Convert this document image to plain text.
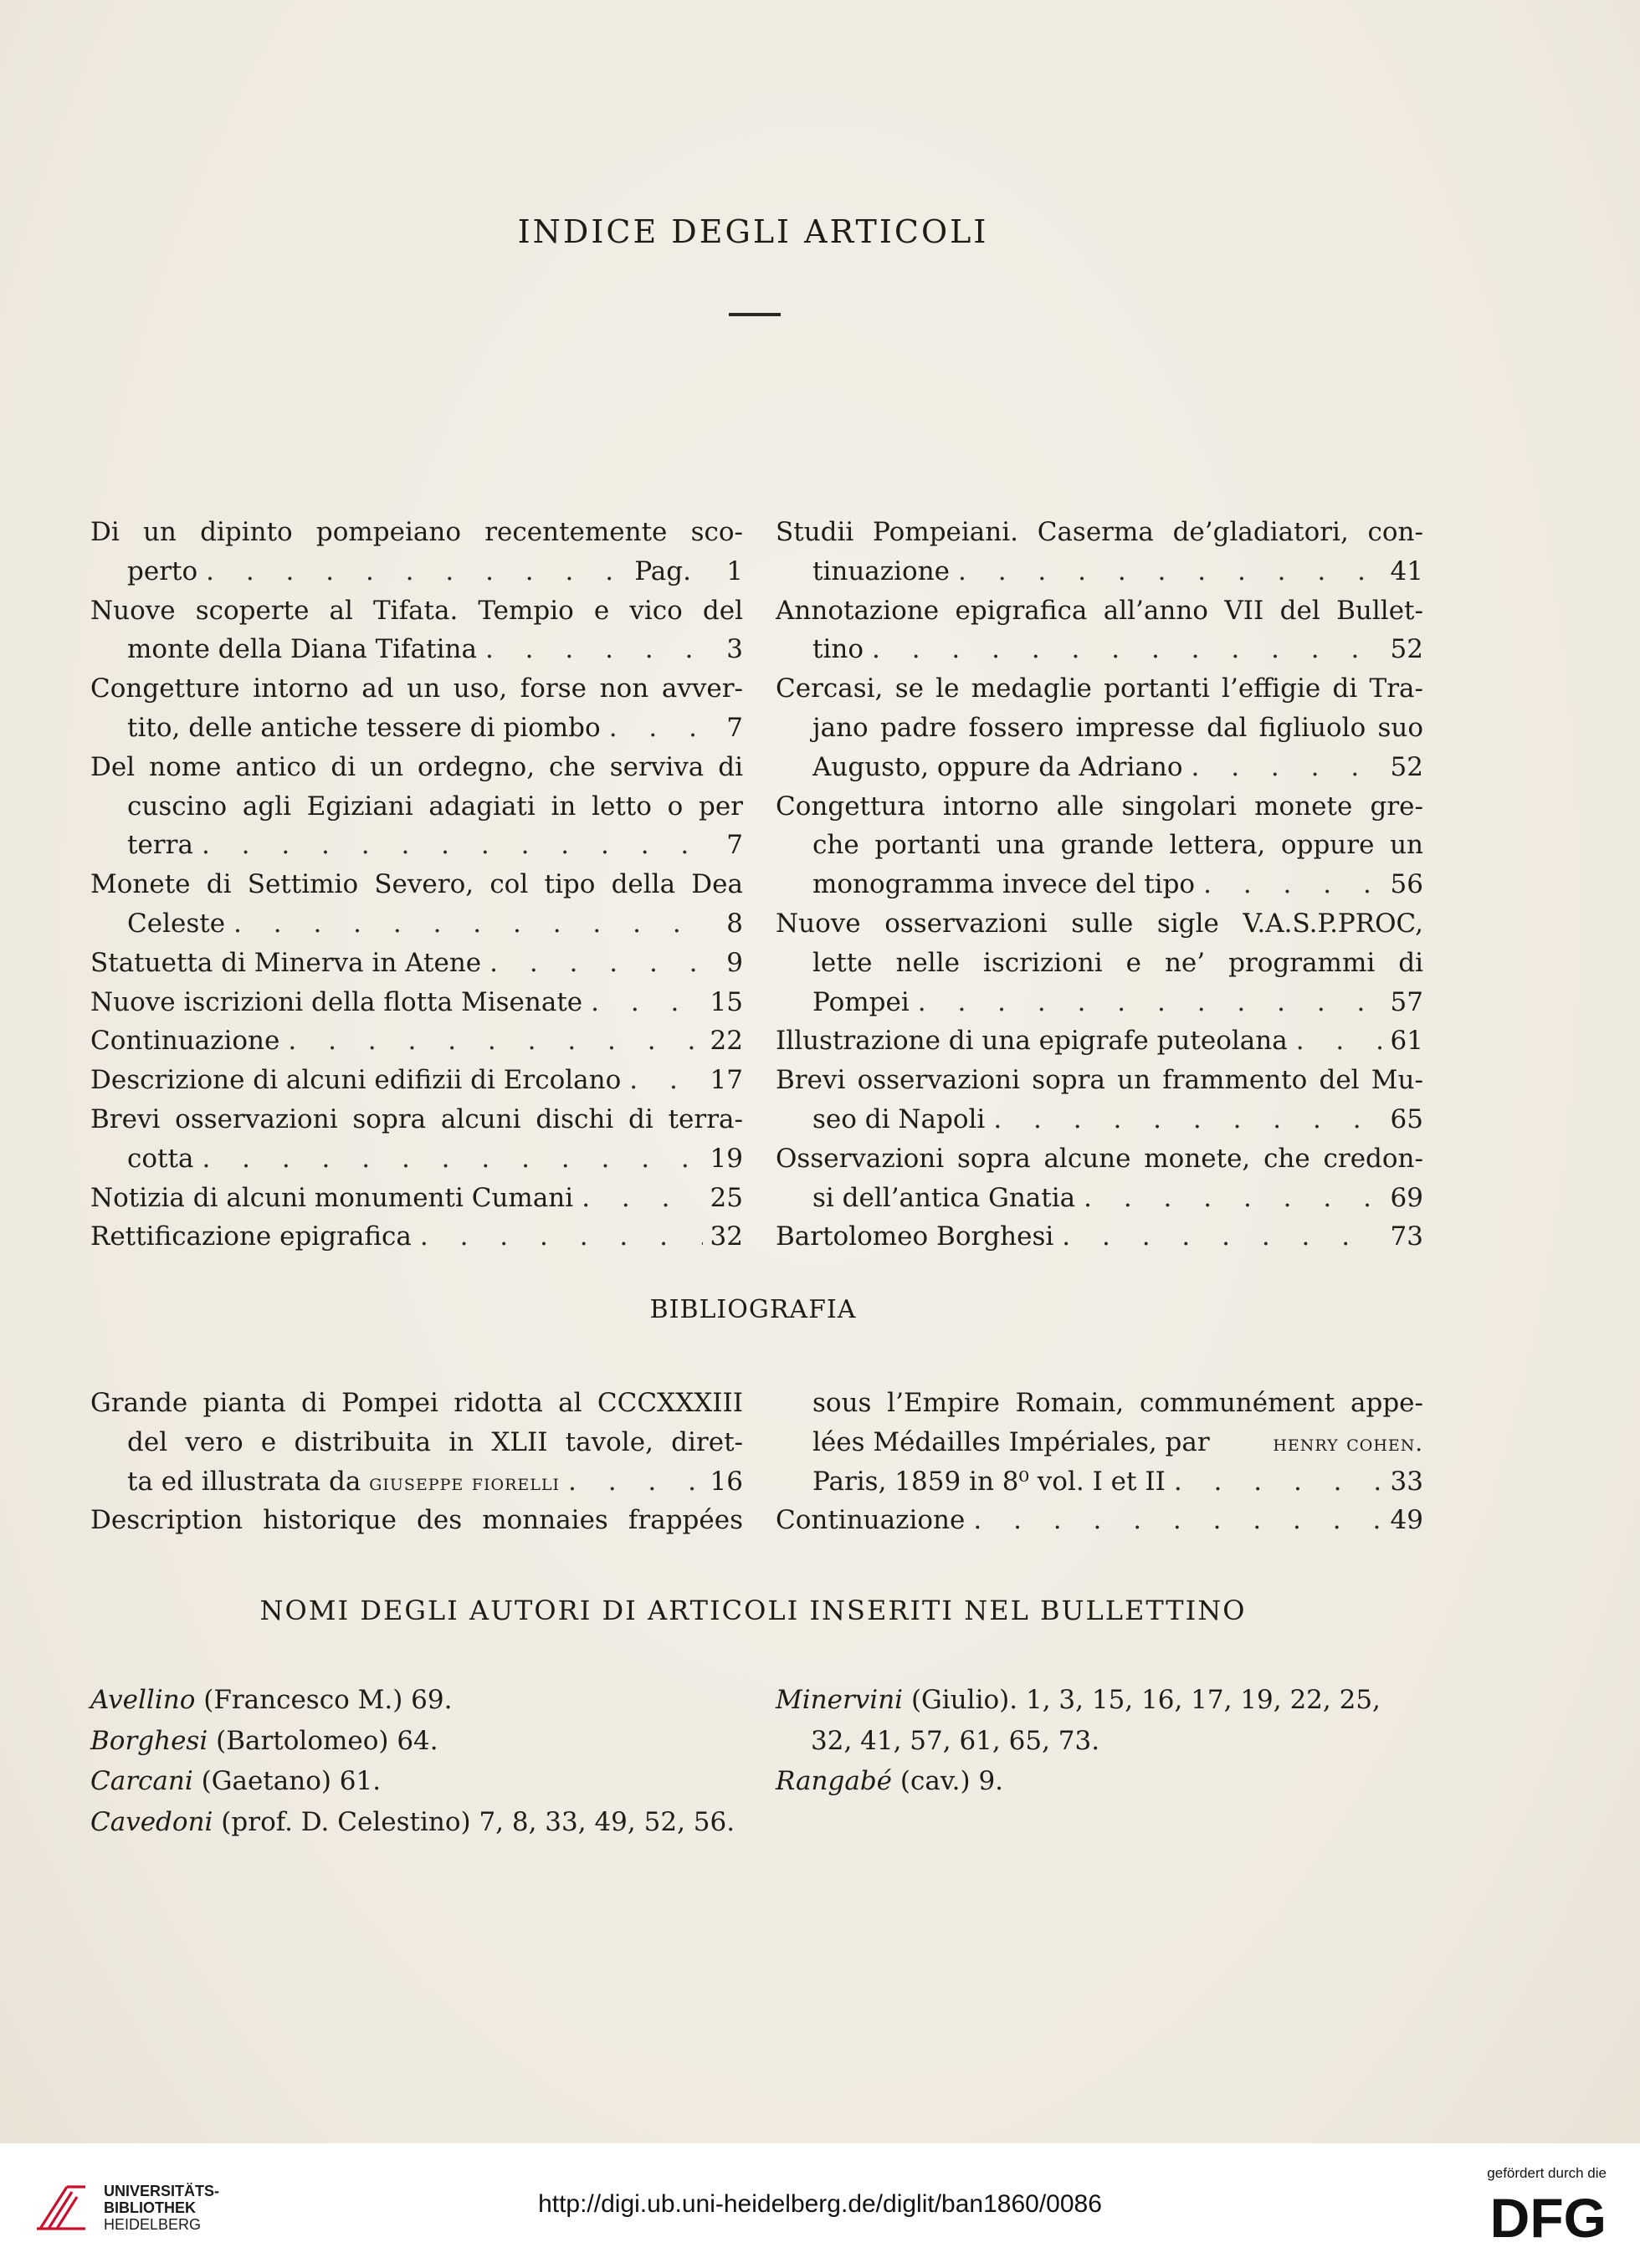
INDICE DEGLI ARTICOLI
Di un dipinto pompeiano recentemente sco-
perto . . .	Pag.	1
Nuove scoperte al Tifata. Tempio e vico del
monte della Diana Tifatina . . .	3
Congetture intorno ad un uso, forse non avver-
tito, delle antiche tessere di piombo . . .	7
Del nome antico di un ordegno, che serviva di
cuscino agli Egiziani adagiati in letto o per
terra . . .	7
Monete di Settimio Severo, col tipo della Dea
Celeste . . .	8
Statuetta di Minerva in Atene . . .	9
Nuove iscrizioni della flotta Misenate . . .	15
Continuazione . . .	22
Descrizione di alcuni edifizii di Ercolano . . .	17
Brevi osservazioni sopra alcuni dischi di terra-
cotta . . .	19
Notizia di alcuni monumenti Cumani . . .	25
Rettificazione epigrafica . . .	32
Studii Pompeiani. Caserma de’gladiatori, con-
tinuazione . . .	41
Annotazione epigrafica all’anno VII del Bullet-
tino . . .	52
Cercasi, se le medaglie portanti l’effigie di Tra-
jano padre fossero impresse dal figliuolo suo
Augusto, oppure da Adriano . . .	52
Congettura intorno alle singolari monete gre-
che portanti una grande lettera, oppure un
monogramma invece del tipo . . .	56
Nuove osservazioni sulle sigle V.A.S.P.PROC,
lette nelle iscrizioni e ne’ programmi di
Pompei . . .	57
Illustrazione di una epigrafe puteolana . . .	61
Brevi osservazioni sopra un frammento del Mu-
seo di Napoli . . .	65
Osservazioni sopra alcune monete, che credon-
si dell’antica Gnatia . . .	69
Bartolomeo Borghesi . . .	73
BIBLIOGRAFIA
Grande pianta di Pompei ridotta al CCCXXXIII
del vero e distribuita in XLII tavole, diret-
ta ed illustrata da giuseppe fiorelli . . .	16
Description historique des monnaies frappées
sous l’Empire Romain, communément appe-
lées Médailles Impériales, par	henry cohen.
Paris, 1859 in 8⁰ vol. I et II . . .	33
Continuazione . . .	49
NOMI DEGLI AUTORI DI ARTICOLI INSERITI NEL BULLETTINO
Avellino (Francesco M.) 69.
Borghesi (Bartolomeo) 64.
Carcani (Gaetano) 61.
Cavedoni (prof. D. Celestino) 7, 8, 33, 49, 52, 56.
Minervini (Giulio). 1, 3, 15, 16, 17, 19, 22, 25,
32, 41, 57, 61, 65, 73.
Rangabé (cav.) 9.
UNIVERSITÄTS-
BIBLIOTHEK
HEIDELBERG
http://digi.ub.uni-heidelberg.de/diglit/ban1860/0086
gefördert durch die
DFG
